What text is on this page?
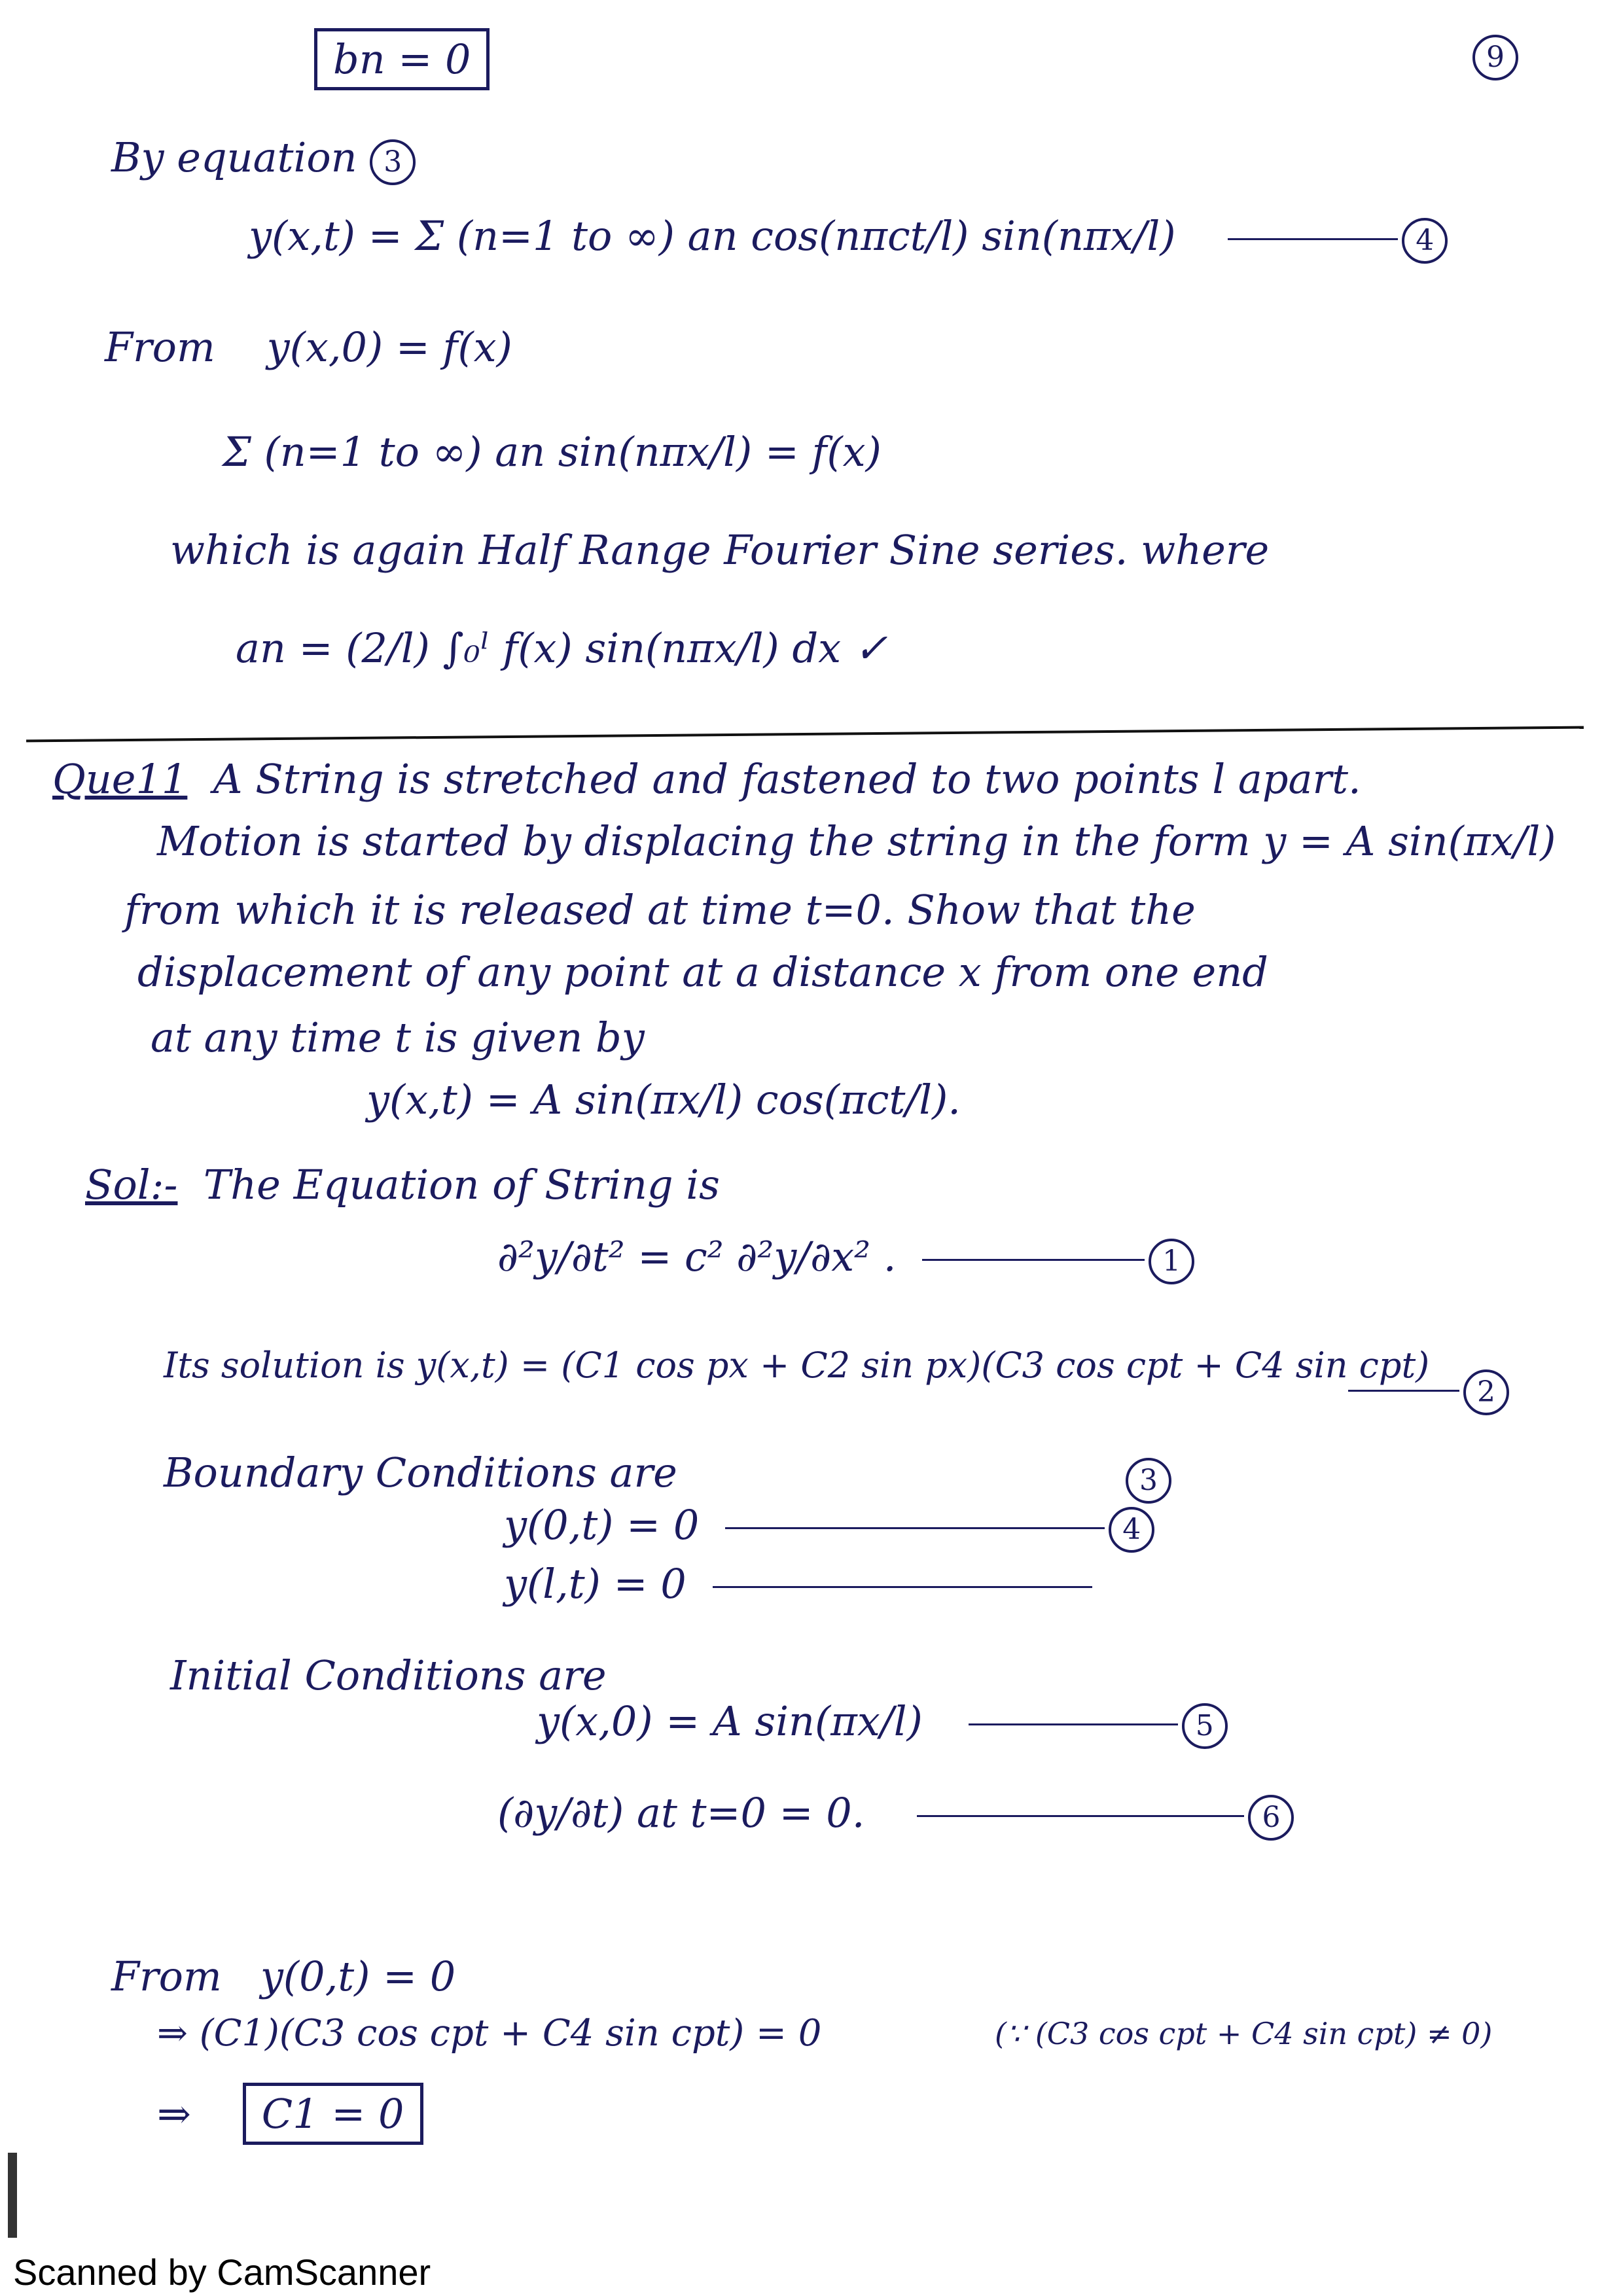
9
bn = 0
By equation 3
y(x,t) = Σ (n=1 to ∞) an cos(nπct/l) sin(nπx/l)	4
From y(x,0) = f(x)
Σ (n=1 to ∞) an sin(nπx/l) = f(x)
which is again Half Range Fourier Sine series. where
an = (2/l) ∫₀ˡ f(x) sin(nπx/l) dx ✓
Que11 A String is stretched and fastened to two points l apart.
Motion is started by displacing the string in the form y = A sin(πx/l)
from which it is released at time t=0. Show that the
displacement of any point at a distance x from one end
at any time t is given by
y(x,t) = A sin(πx/l) cos(πct/l).
Sol:- The Equation of String is
∂²y/∂t² = c² ∂²y/∂x² .	1
Its solution is y(x,t) = (C1 cos px + C2 sin px)(C3 cos cpt + C4 sin cpt)
2
Boundary Conditions are	3
y(0,t) = 0	4
y(l,t) = 0
Initial Conditions are
y(x,0) = A sin(πx/l)	5
(∂y/∂t) at t=0 = 0.	6
From y(0,t) = 0
⇒ (C1)(C3 cos cpt + C4 sin cpt) = 0	(∵ (C3 cos cpt + C4 sin cpt) ≠ 0)
⇒ C1 = 0
Scanned by CamScanner
